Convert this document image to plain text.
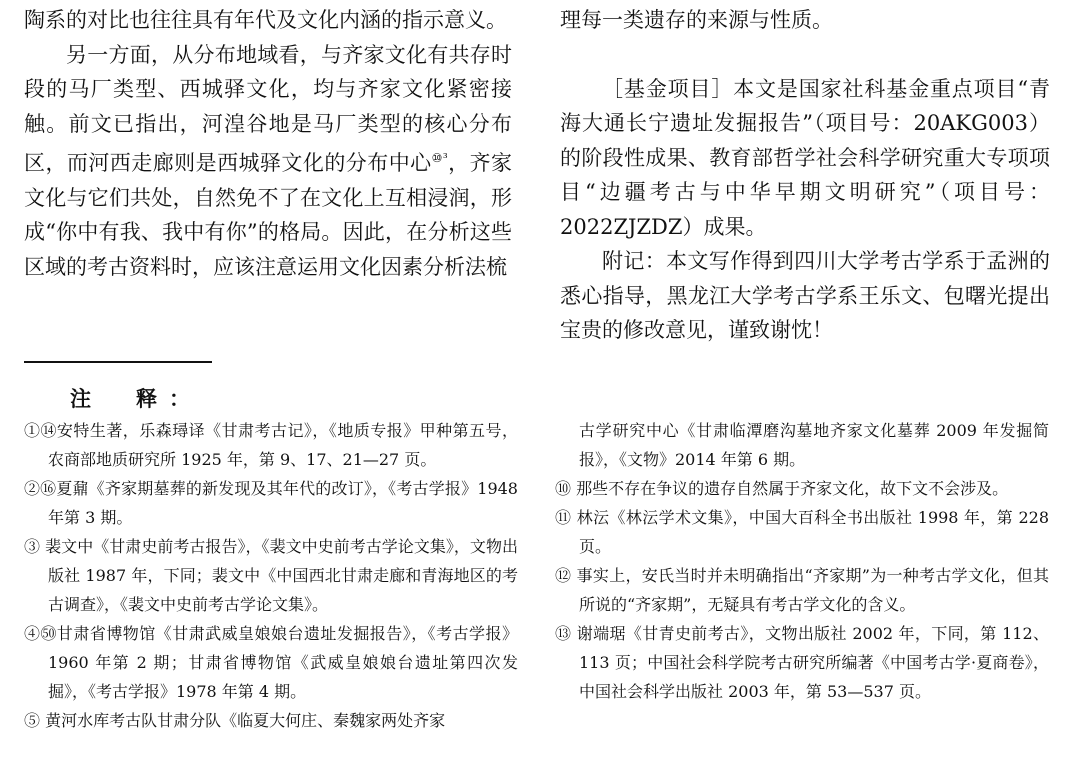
陶系的对比也往往具有年代及文化内涵的指示意义。

另一方面，从分布地域看，与齐家文化有共存时段的马厂类型、西城驿文化，均与齐家文化紧密接触。前文已指出，河湟谷地是马厂类型的核心分布区，而河西走廊则是西城驿文化的分布中心$^{⑩^3}$，齐家文化与它们共处，自然免不了在文化上互相浸润，形成“你中有我、我中有你”的格局。因此，在分析这些区域的考古资料时，应该注意运用文化因素分析法梳

理每一类遗存的来源与性质。

［基金项目］本文是国家社科基金重点项目“青海大通长宁遗址发掘报告”（项目号：20AKG003）的阶段性成果、教育部哲学社会科学研究重大专项项目“边疆考古与中华早期文明研究”（项目号：2022ZJZDZ）成果。

附记：本文写作得到四川大学考古学系于孟洲的悉心指导，黑龙江大学考古学系王乐文、包曙光提出宝贵的修改意见，谨致谢忱！

注　释：

①⑭安特生著，乐森璕译《甘肃考古记》，《地质专报》甲种第五号，农商部地质研究所 1925 年，第 9、17、21—27 页。

②⑯夏鼐《齐家期墓葬的新发现及其年代的改订》，《考古学报》1948 年第 3 期。

③ 裴文中《甘肃史前考古报告》，《裴文中史前考古学论文集》，文物出版社 1987 年，下同；裴文中《中国西北甘肃走廊和青海地区的考古调查》，《裴文中史前考古学论文集》。

④㊿甘肃省博物馆《甘肃武威皇娘娘台遗址发掘报告》，《考古学报》1960 年第 2 期；甘肃省博物馆《武威皇娘娘台遗址第四次发掘》，《考古学报》1978 年第 4 期。

⑤ 黄河水库考古队甘肃分队《临夏大何庄、秦魏家两处齐家

古学研究中心《甘肃临潭磨沟墓地齐家文化墓葬 2009 年发掘简报》，《文物》2014 年第 6 期。

⑩ 那些不存在争议的遗存自然属于齐家文化，故下文不会涉及。

⑪ 林沄《林沄学术文集》，中国大百科全书出版社 1998 年，第 228 页。

⑫ 事实上，安氏当时并未明确指出“齐家期”为一种考古学文化，但其所说的“齐家期”，无疑具有考古学文化的含义。

⑬ 谢端琚《甘青史前考古》，文物出版社 2002 年，下同，第 112、113 页；中国社会科学院考古研究所编著《中国考古学·夏商卷》，中国社会科学出版社 2003 年，第 53—537 页。
